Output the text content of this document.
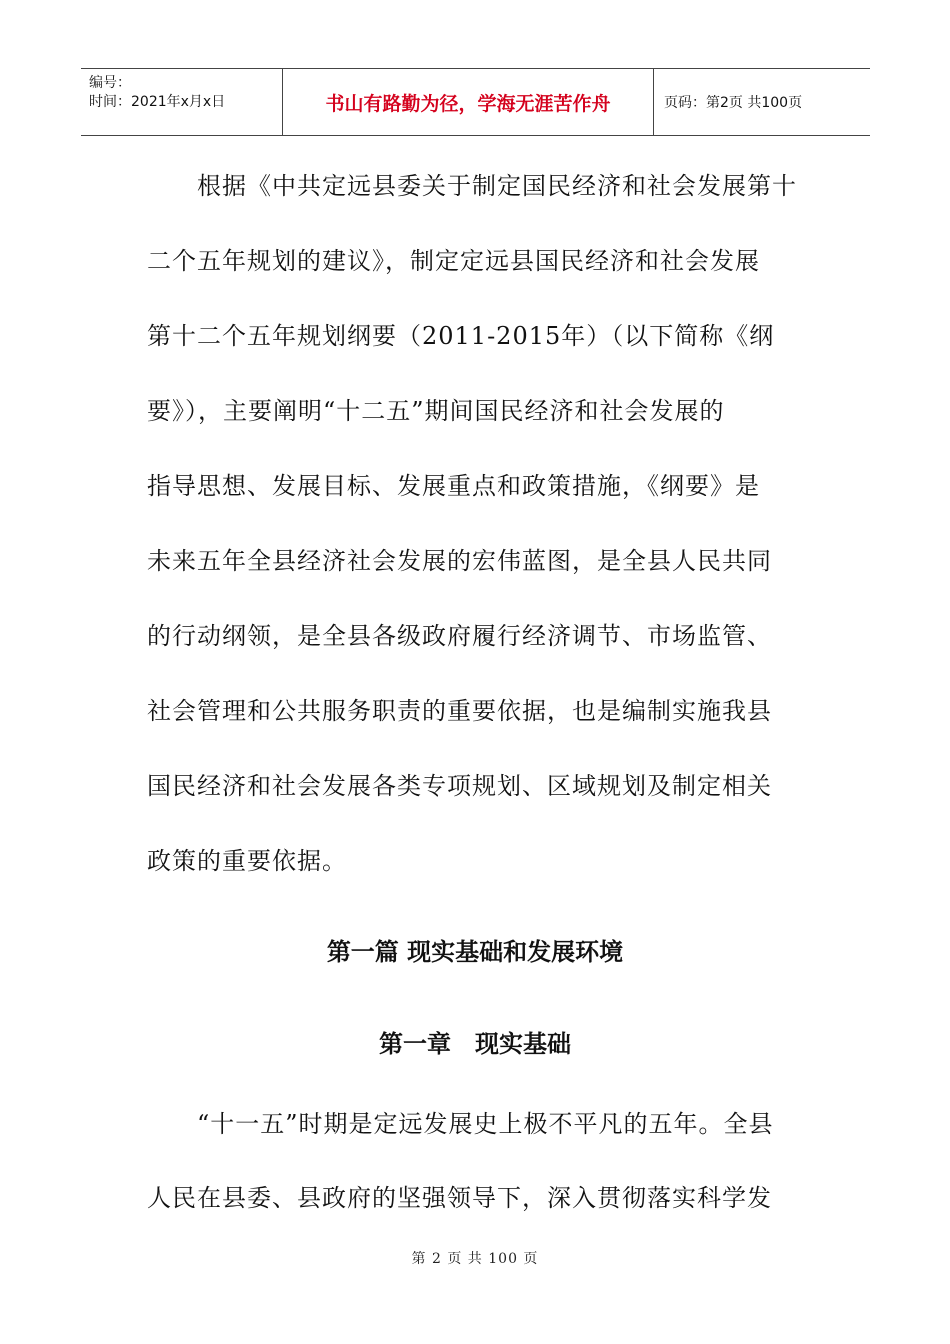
编号：
时间：2021年x月x日	书山有路勤为径，学海无涯苦作舟	页码：第2页 共100页
　　根据《中共定远县委关于制定国民经济和社会发展第十
二个五年规划的建议》，制定定远县国民经济和社会发展
第十二个五年规划纲要（2011-2015年）（以下简称《纲
要》），主要阐明“十二五”期间国民经济和社会发展的
指导思想、发展目标、发展重点和政策措施，《纲要》是
未来五年全县经济社会发展的宏伟蓝图，是全县人民共同
的行动纲领，是全县各级政府履行经济调节、市场监管、
社会管理和公共服务职责的重要依据，也是编制实施我县
国民经济和社会发展各类专项规划、区域规划及制定相关
政策的重要依据。
第一篇 现实基础和发展环境
第一章　现实基础
　　“十一五”时期是定远发展史上极不平凡的五年。全县
人民在县委、县政府的坚强领导下，深入贯彻落实科学发
第 2 页 共 100 页
